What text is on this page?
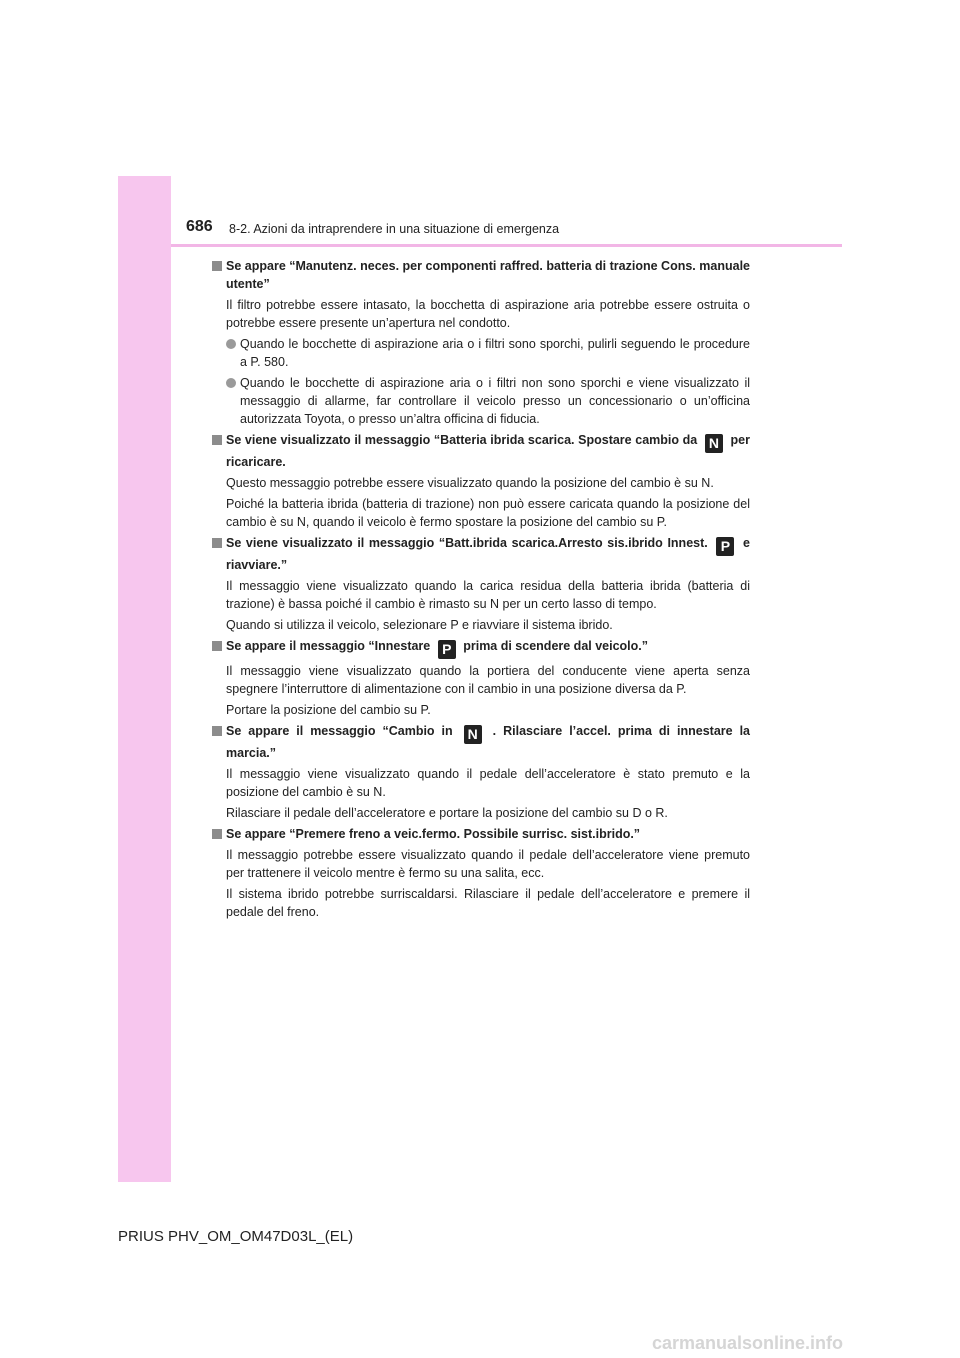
686 8-2. Azioni da intraprendere in una situazione di emergenza
Se appare “Manutenz. neces. per componenti raffred. batteria di trazione Cons. manuale utente”
Il filtro potrebbe essere intasato, la bocchetta di aspirazione aria potrebbe essere ostruita o potrebbe essere presente un’apertura nel condotto.
Quando le bocchette di aspirazione aria o i filtri sono sporchi, pulirli seguendo le procedure a P. 580.
Quando le bocchette di aspirazione aria o i filtri non sono sporchi e viene visualizzato il messaggio di allarme, far controllare il veicolo presso un concessionario o un’officina autorizzata Toyota, o presso un’altra officina di fiducia.
Se viene visualizzato il messaggio “Batteria ibrida scarica. Spostare cambio da N per ricaricare.
Questo messaggio potrebbe essere visualizzato quando la posizione del cambio è su N.
Poiché la batteria ibrida (batteria di trazione) non può essere caricata quando la posizione del cambio è su N, quando il veicolo è fermo spostare la posizione del cambio su P.
Se viene visualizzato il messaggio “Batt.ibrida scarica.Arresto sis.ibrido Innest. P e riavviare.”
Il messaggio viene visualizzato quando la carica residua della batteria ibrida (batteria di trazione) è bassa poiché il cambio è rimasto su N per un certo lasso di tempo.
Quando si utilizza il veicolo, selezionare P e riavviare il sistema ibrido.
Se appare il messaggio “Innestare P prima di scendere dal veicolo.”
Il messaggio viene visualizzato quando la portiera del conducente viene aperta senza spegnere l’interruttore di alimentazione con il cambio in una posizione diversa da P.
Portare la posizione del cambio su P.
Se appare il messaggio “Cambio in N . Rilasciare l’accel. prima di innestare la marcia.”
Il messaggio viene visualizzato quando il pedale dell’acceleratore è stato premuto e la posizione del cambio è su N.
Rilasciare il pedale dell’acceleratore e portare la posizione del cambio su D o R.
Se appare “Premere freno a veic.fermo. Possibile surrisc. sist.ibrido.”
Il messaggio potrebbe essere visualizzato quando il pedale dell’acceleratore viene premuto per trattenere il veicolo mentre è fermo su una salita, ecc.
Il sistema ibrido potrebbe surriscaldarsi. Rilasciare il pedale dell’acceleratore e premere il pedale del freno.
PRIUS PHV_OM_OM47D03L_(EL)
carmanualsonline.info
